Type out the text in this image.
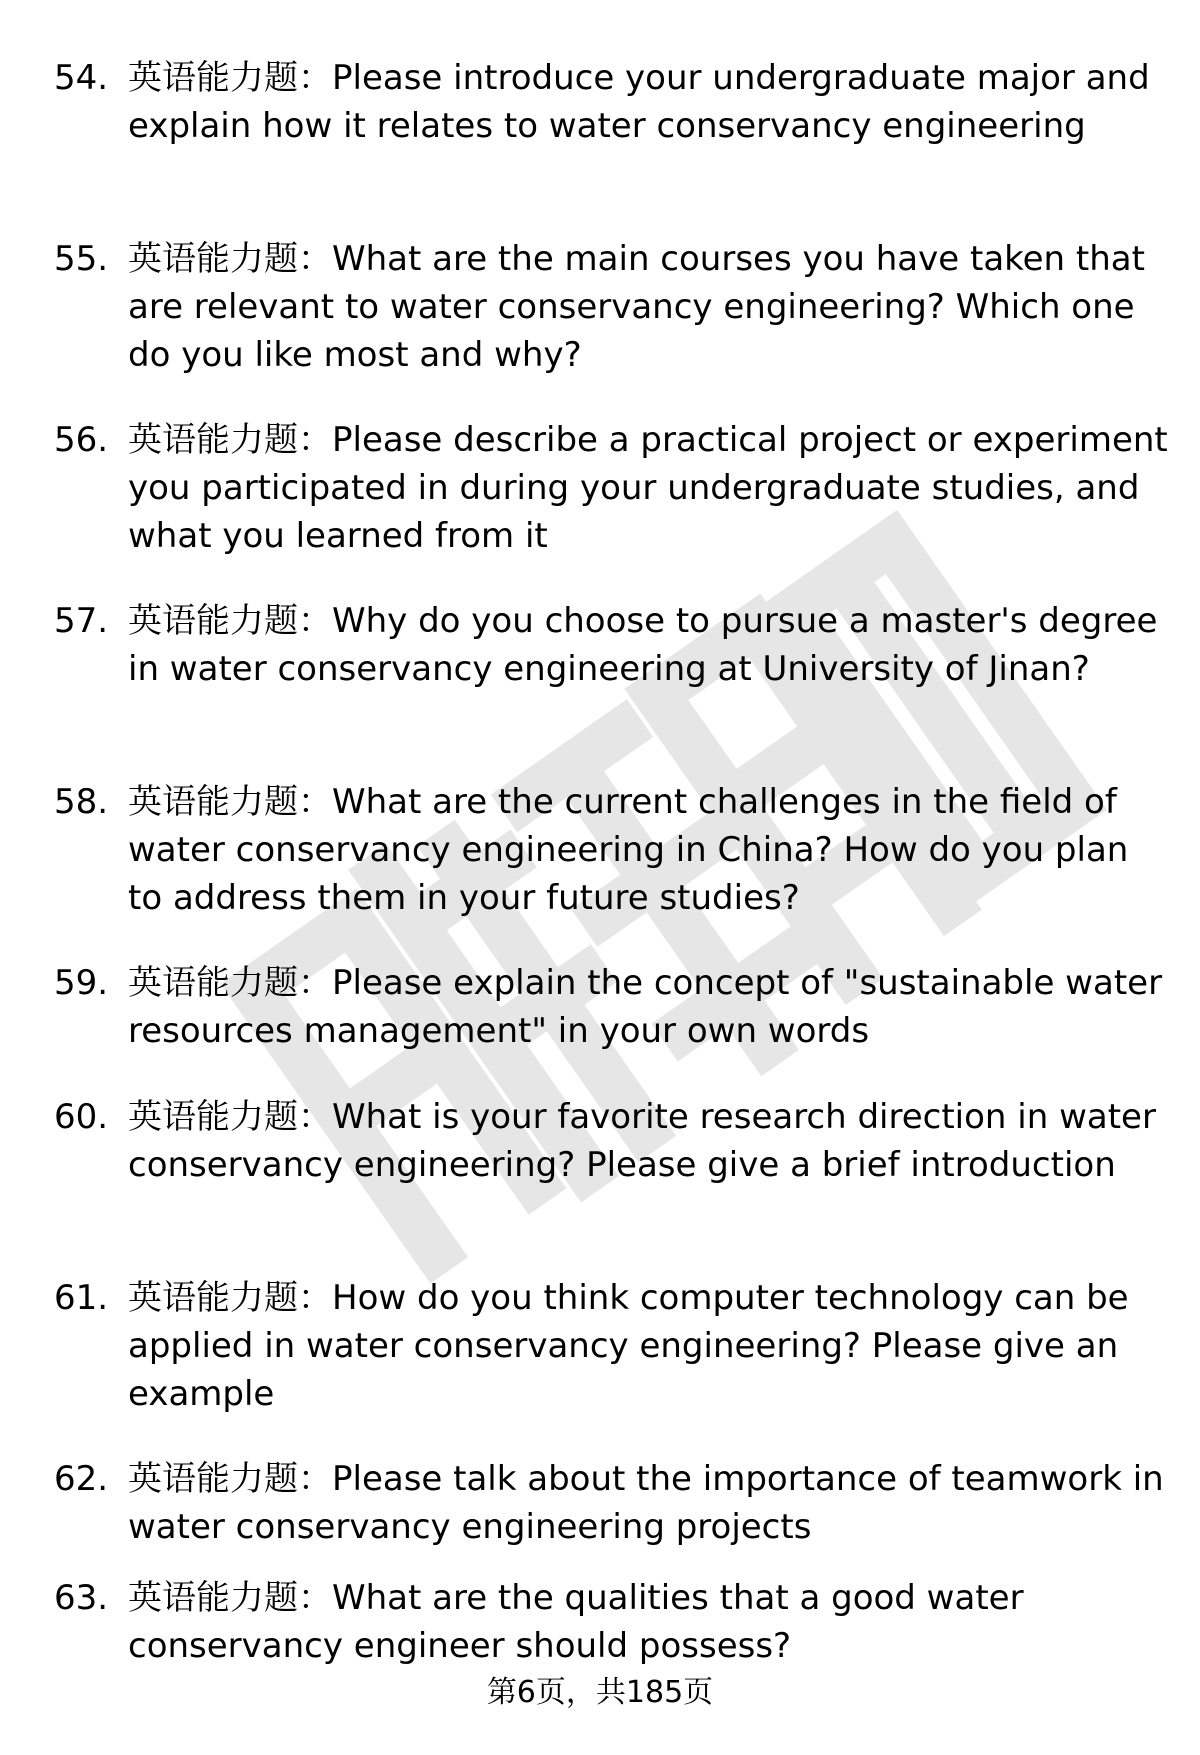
54. 英语能力题：Please introduce your undergraduate major and explain how it relates to water conservancy engineering
55. 英语能力题：What are the main courses you have taken that are relevant to water conservancy engineering? Which one do you like most and why?
56. 英语能力题：Please describe a practical project or experiment you participated in during your undergraduate studies, and what you learned from it
57. 英语能力题：Why do you choose to pursue a master's degree in water conservancy engineering at University of Jinan?
58. 英语能力题：What are the current challenges in the field of water conservancy engineering in China? How do you plan to address them in your future studies?
59. 英语能力题：Please explain the concept of "sustainable water resources management" in your own words
60. 英语能力题：What is your favorite research direction in water conservancy engineering? Please give a brief introduction
61. 英语能力题：How do you think computer technology can be applied in water conservancy engineering? Please give an example
62. 英语能力题：Please talk about the importance of teamwork in water conservancy engineering projects
63. 英语能力题：What are the qualities that a good water conservancy engineer should possess?
第6页，共185页
